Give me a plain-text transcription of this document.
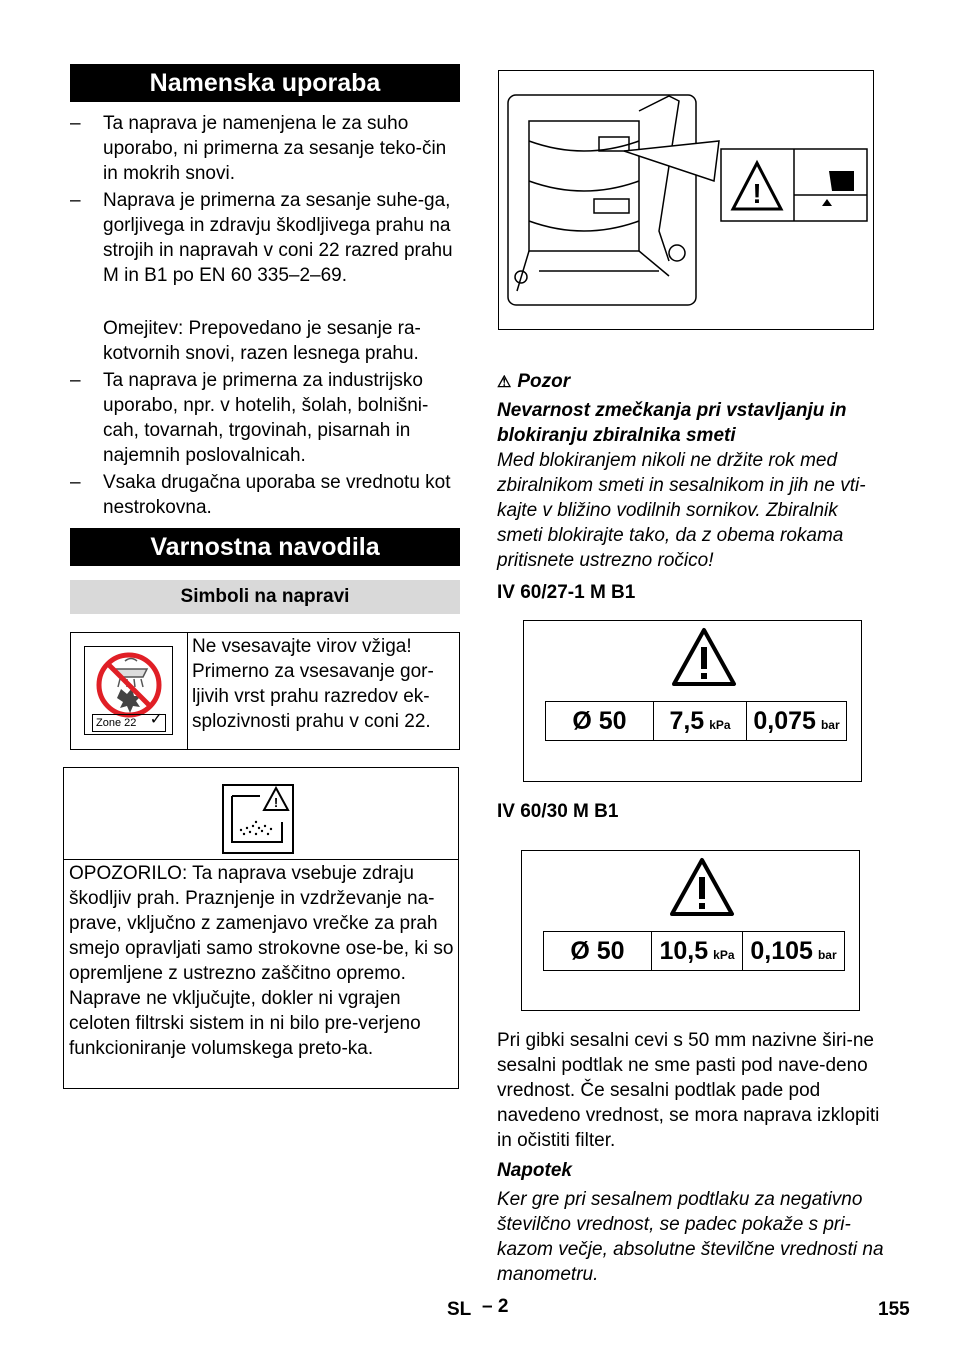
Namenska uporaba
–	Ta naprava je namenjena le za suho uporabo, ni primerna za sesanje teko-čin in mokrih snovi.
–	Naprava je primerna za sesanje suhe-ga, gorljivega in zdravju škodljivega prahu na strojih in napravah v coni 22 razred prahu M in B1 po EN 60 335–2–69.
Omejitev: Prepovedano je sesanje ra-kotvornih snovi, razen lesnega prahu.
–	Ta naprava je primerna za industrijsko uporabo, npr. v hotelih, šolah, bolnišni-cah, tovarnah, trgovinah, pisarnah in najemnih poslovalnicah.
–	Vsaka drugačna uporaba se vrednotu kot nestrokovna.
Varnostna navodila
Simboli na napravi
Zone 22 ✓
Ne vsesavajte virov vžiga! Primerno za vsesavanje gor-ljivih vrst prahu razredov ek-splozivnosti prahu v coni 22.
!
OPOZORILO: Ta naprava vsebuje zdraju škodljiv prah. Praznjenje in vzdrževanje na-prave, vključno z zamenjavo vrečke za prah smejo opravljati samo strokovne ose-be, ki so opremljene z ustrezno zaščitno opremo. Naprave ne vključujte, dokler ni vgrajen celoten filtrski sistem in ni bilo pre-verjeno funkcioniranje volumskega preto-ka.
!
⚠ Pozor
Nevarnost zmečkanja pri vstavljanju in blokiranju zbiralnika smeti
Med blokiranjem nikoli ne držite rok med zbiralnikom smeti in sesalnikom in jih ne vti-kajte v bližino vodilnih sornikov. Zbiralnik smeti blokirajte tako, da z obema rokama pritisnete ustrezno ročico!
IV 60/27-1 M B1
Ø 50 7,5 kPa 0,075 bar
IV 60/30 M B1
Ø 50 10,5 kPa 0,105 bar
Pri gibki sesalni cevi s 50 mm nazivne širi-ne sesalni podtlak ne sme pasti pod nave-deno vrednost. Če sesalni podtlak pade pod navedeno vrednost, se mora naprava izklopiti in očistiti filter.
Napotek
Ker gre pri sesalnem podtlaku za negativno številčno vrednost, se padec pokaže s pri-kazom večje, absolutne številčne vrednosti na manometru.
SL – 2	155
